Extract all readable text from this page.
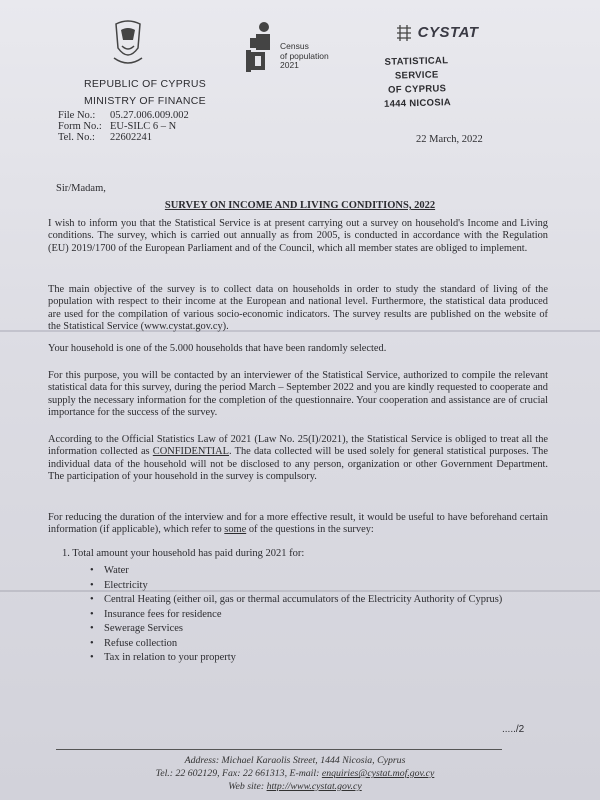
REPUBLIC OF CYPRUS
MINISTRY OF FINANCE
File No.:	05.27.006.009.002
Form No.: EU-SILC 6 – N
Tel. No.:	22602241
Census
of population
2021
CYSTAT
STATISTICAL SERVICE
OF CYPRUS
1444 NICOSIA
22 March, 2022
Sir/Madam,
SURVEY ON INCOME AND LIVING CONDITIONS, 2022
I wish to inform you that the Statistical Service is at present carrying out a survey on household's Income and Living conditions. The survey, which is carried out annually as from 2005, is conducted in accordance with the Regulation (EU) 2019/1700 of the European Parliament and of the Council, which all member states are obliged to implement.
The main objective of the survey is to collect data on households in order to study the standard of living of the population with respect to their income at the European and national level. Furthermore, the statistical data produced are used for the compilation of various socio-economic indicators. The survey results are published on the website of the Statistical Service (www.cystat.gov.cy).
Your household is one of the 5.000 households that have been randomly selected.
For this purpose, you will be contacted by an interviewer of the Statistical Service, authorized to compile the relevant statistical data for this survey, during the period March – September 2022 and you are kindly requested to cooperate and supply the necessary information for the completion of the questionnaire. Your cooperation and assistance are of crucial importance for the success of the survey.
According to the Official Statistics Law of 2021 (Law No. 25(I)/2021), the Statistical Service is obliged to treat all the information collected as CONFIDENTIAL. The data collected will be used solely for general statistical purposes. The individual data of the household will not be disclosed to any person, organization or other Government Department. The participation of your household in the survey is compulsory.
For reducing the duration of the interview and for a more effective result, it would be useful to have beforehand certain information (if applicable), which refer to some of the questions in the survey:
1. Total amount your household has paid during 2021 for:
• Water
• Electricity
• Central Heating (either oil, gas or thermal accumulators of the Electricity Authority of Cyprus)
• Insurance fees for residence
• Sewerage Services
• Refuse collection
• Tax in relation to your property
...../2
Address: Michael Karaolis Street, 1444 Nicosia, Cyprus
Tel.: 22 602129, Fax: 22 661313, E-mail: enquiries@cystat.mof.gov.cy
Web site: http://www.cystat.gov.cy
